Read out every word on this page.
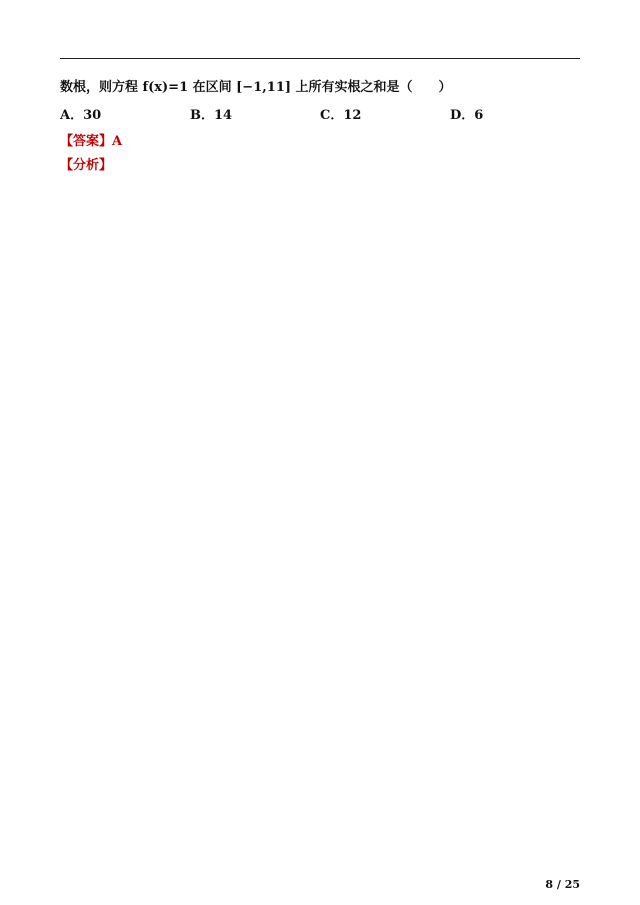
数根，则方程 f(x)=1 在区间 [−1,11] 上所有实根之和是（　　）
A．30	B．14	C．12	D．6
【答案】A
【分析】
8 / 25
